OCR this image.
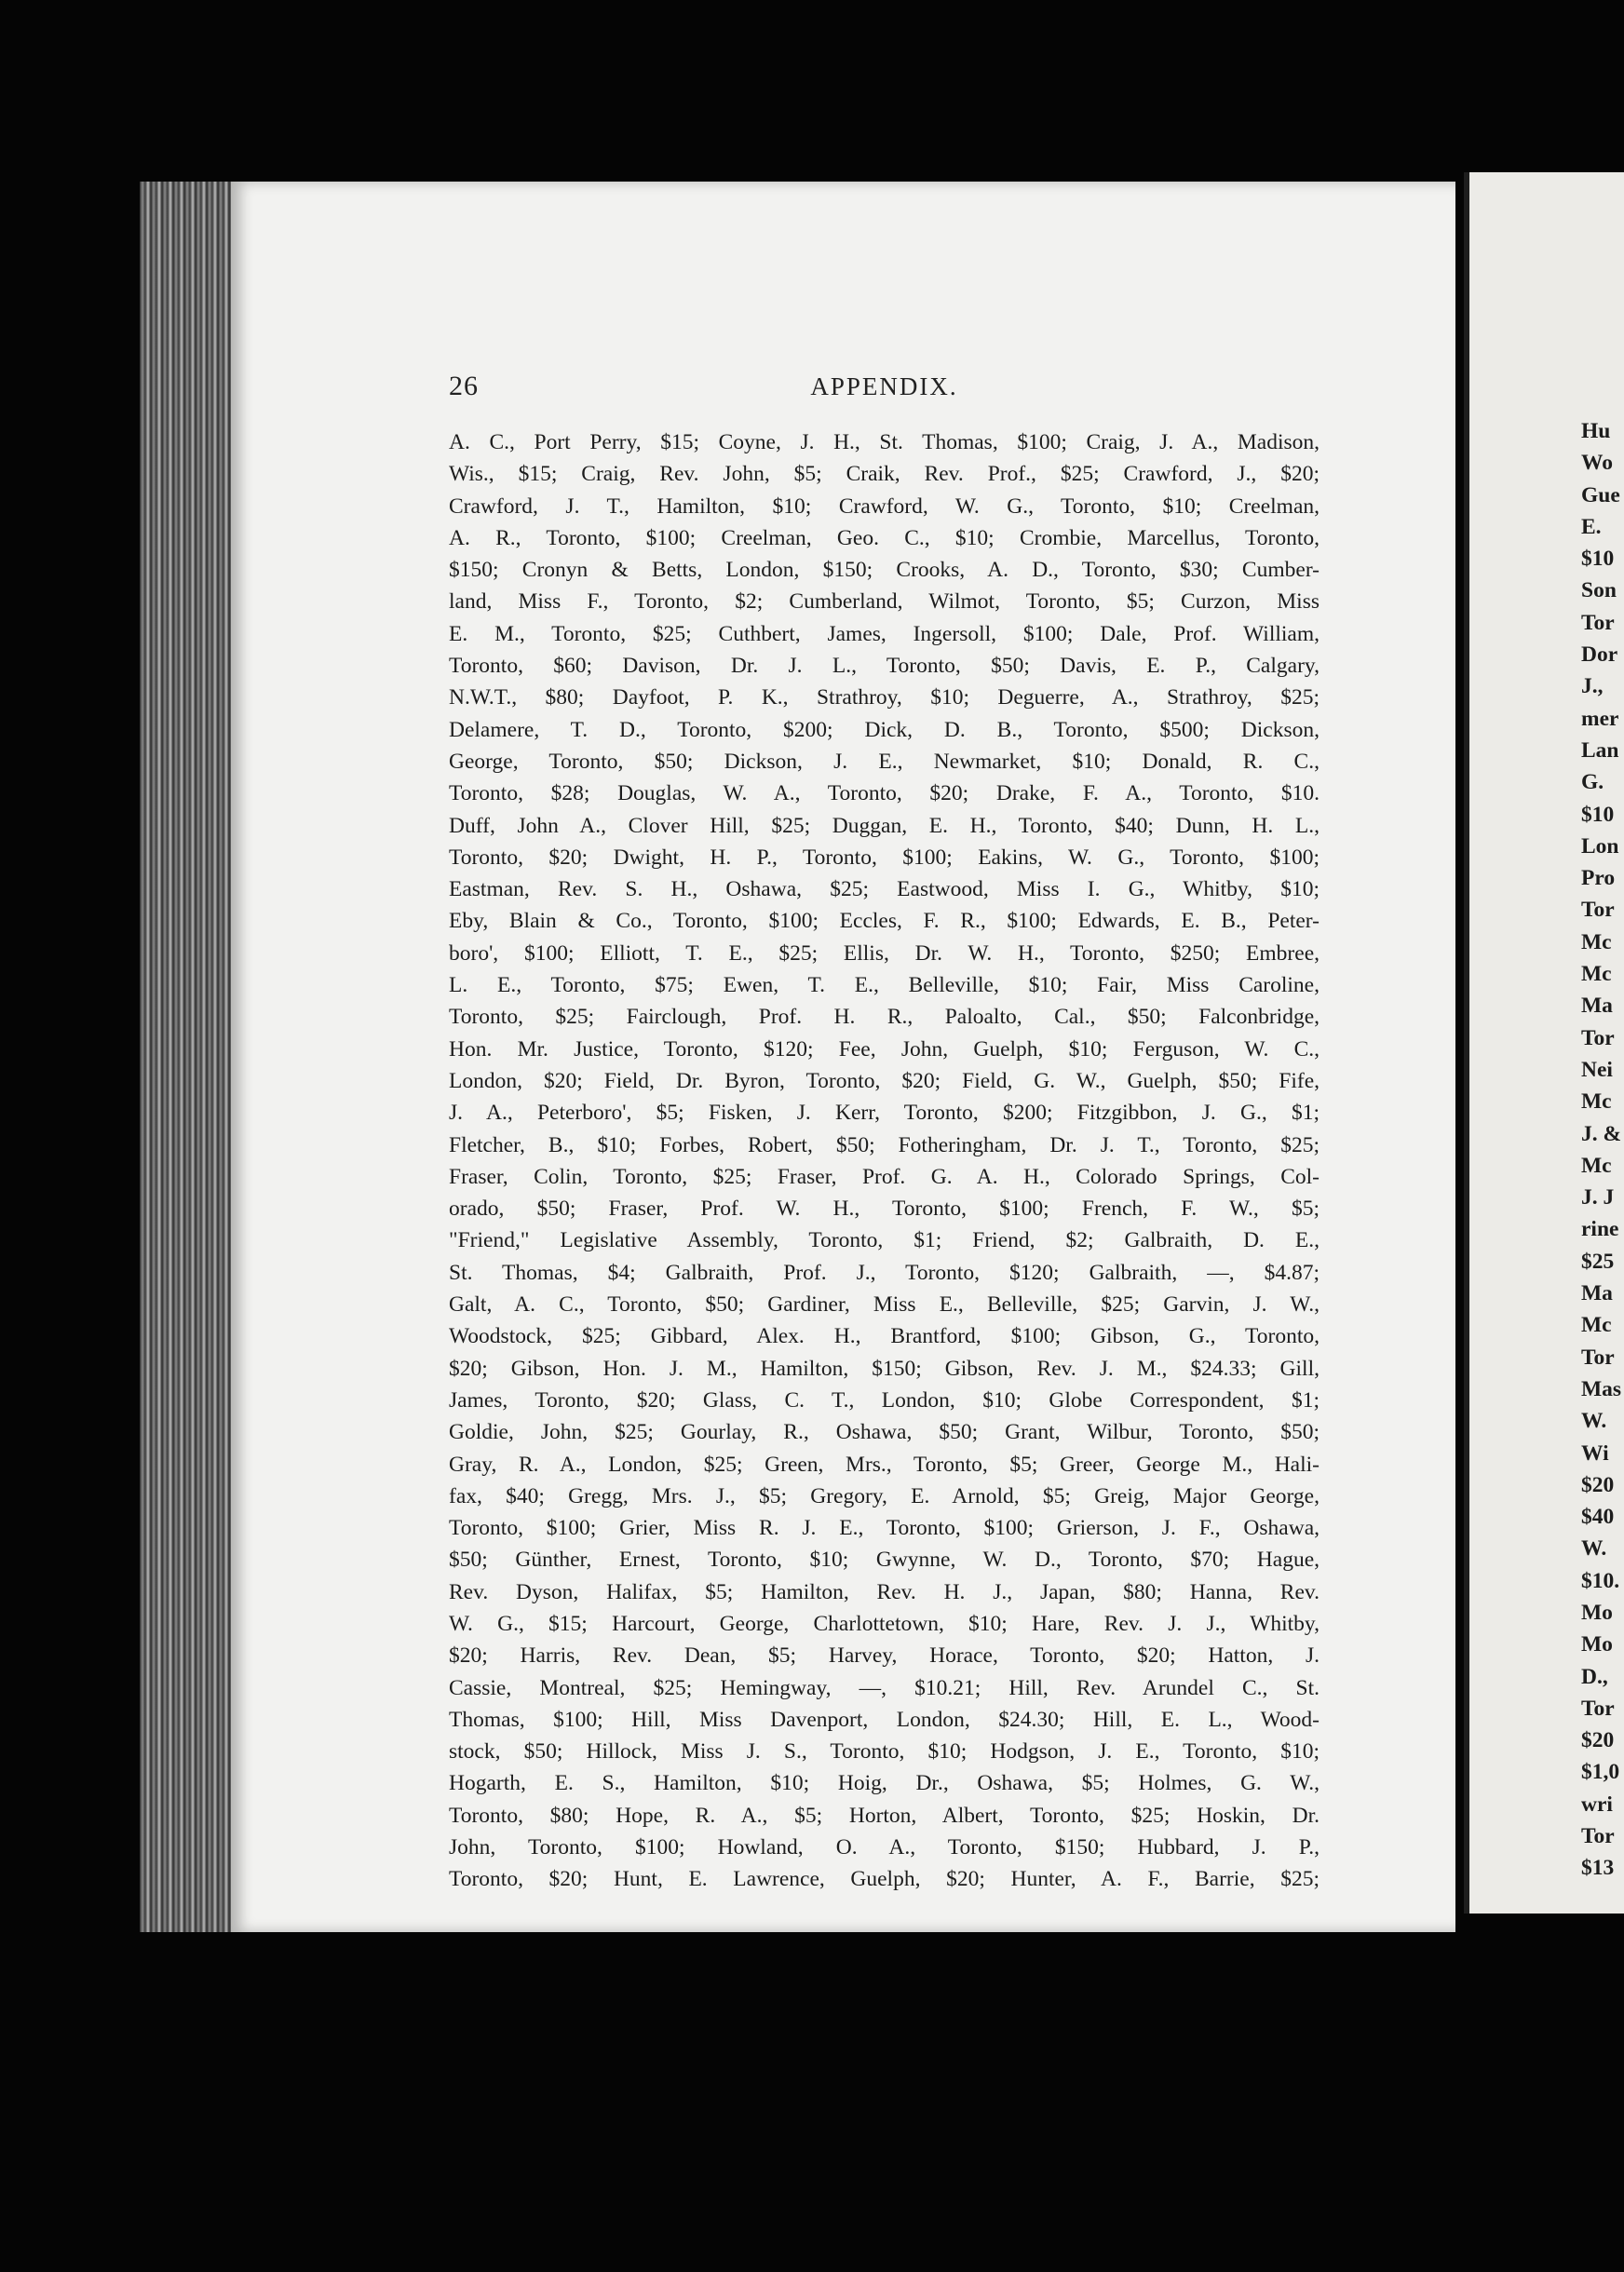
26	APPENDIX.
A. C., Port Perry, $15; Coyne, J. H., St. Thomas, $100; Craig, J. A., Madison,
Wis., $15; Craig, Rev. John, $5; Craik, Rev. Prof., $25; Crawford, J., $20;
Crawford, J. T., Hamilton, $10; Crawford, W. G., Toronto, $10; Creelman,
A. R., Toronto, $100; Creelman, Geo. C., $10; Crombie, Marcellus, Toronto,
$150; Cronyn & Betts, London, $150; Crooks, A. D., Toronto, $30; Cumber-
land, Miss F., Toronto, $2; Cumberland, Wilmot, Toronto, $5; Curzon, Miss
E. M., Toronto, $25; Cuthbert, James, Ingersoll, $100; Dale, Prof. William,
Toronto, $60; Davison, Dr. J. L., Toronto, $50; Davis, E. P., Calgary,
N.W.T., $80; Dayfoot, P. K., Strathroy, $10; Deguerre, A., Strathroy, $25;
Delamere, T. D., Toronto, $200; Dick, D. B., Toronto, $500; Dickson,
George, Toronto, $50; Dickson, J. E., Newmarket, $10; Donald, R. C.,
Toronto, $28; Douglas, W. A., Toronto, $20; Drake, F. A., Toronto, $10.
Duff, John A., Clover Hill, $25; Duggan, E. H., Toronto, $40; Dunn, H. L.,
Toronto, $20; Dwight, H. P., Toronto, $100; Eakins, W. G., Toronto, $100;
Eastman, Rev. S. H., Oshawa, $25; Eastwood, Miss I. G., Whitby, $10;
Eby, Blain & Co., Toronto, $100; Eccles, F. R., $100; Edwards, E. B., Peter-
boro', $100; Elliott, T. E., $25; Ellis, Dr. W. H., Toronto, $250; Embree,
L. E., Toronto, $75; Ewen, T. E., Belleville, $10; Fair, Miss Caroline,
Toronto, $25; Fairclough, Prof. H. R., Paloalto, Cal., $50; Falconbridge,
Hon. Mr. Justice, Toronto, $120; Fee, John, Guelph, $10; Ferguson, W. C.,
London, $20; Field, Dr. Byron, Toronto, $20; Field, G. W., Guelph, $50; Fife,
J. A., Peterboro', $5; Fisken, J. Kerr, Toronto, $200; Fitzgibbon, J. G., $1;
Fletcher, B., $10; Forbes, Robert, $50; Fotheringham, Dr. J. T., Toronto, $25;
Fraser, Colin, Toronto, $25; Fraser, Prof. G. A. H., Colorado Springs, Col-
orado, $50; Fraser, Prof. W. H., Toronto, $100; French, F. W., $5;
"Friend," Legislative Assembly, Toronto, $1; Friend, $2; Galbraith, D. E.,
St. Thomas, $4; Galbraith, Prof. J., Toronto, $120; Galbraith, —, $4.87;
Galt, A. C., Toronto, $50; Gardiner, Miss E., Belleville, $25; Garvin, J. W.,
Woodstock, $25; Gibbard, Alex. H., Brantford, $100; Gibson, G., Toronto,
$20; Gibson, Hon. J. M., Hamilton, $150; Gibson, Rev. J. M., $24.33; Gill,
James, Toronto, $20; Glass, C. T., London, $10; Globe Correspondent, $1;
Goldie, John, $25; Gourlay, R., Oshawa, $50; Grant, Wilbur, Toronto, $50;
Gray, R. A., London, $25; Green, Mrs., Toronto, $5; Greer, George M., Hali-
fax, $40; Gregg, Mrs. J., $5; Gregory, E. Arnold, $5; Greig, Major George,
Toronto, $100; Grier, Miss R. J. E., Toronto, $100; Grierson, J. F., Oshawa,
$50; Günther, Ernest, Toronto, $10; Gwynne, W. D., Toronto, $70; Hague,
Rev. Dyson, Halifax, $5; Hamilton, Rev. H. J., Japan, $80; Hanna, Rev.
W. G., $15; Harcourt, George, Charlottetown, $10; Hare, Rev. J. J., Whitby,
$20; Harris, Rev. Dean, $5; Harvey, Horace, Toronto, $20; Hatton, J.
Cassie, Montreal, $25; Hemingway, —, $10.21; Hill, Rev. Arundel C., St.
Thomas, $100; Hill, Miss Davenport, London, $24.30; Hill, E. L., Wood-
stock, $50; Hillock, Miss J. S., Toronto, $10; Hodgson, J. E., Toronto, $10;
Hogarth, E. S., Hamilton, $10; Hoig, Dr., Oshawa, $5; Holmes, G. W.,
Toronto, $80; Hope, R. A., $5; Horton, Albert, Toronto, $25; Hoskin, Dr.
John, Toronto, $100; Howland, O. A., Toronto, $150; Hubbard, J. P.,
Toronto, $20; Hunt, E. Lawrence, Guelph, $20; Hunter, A. F., Barrie, $25;
Hu
Wo
Gue
E.
$10
Son
Tor
Dor
J.,
mer
Lan
G.
$10
Lon
Pro
Tor
Mc
Mc
Ma
Tor
Nei
Mc
J. &
Mc
J. J
rine
$25
Ma
Mc
Tor
Mas
W.
Wi
$20
$40
W.
$10.
Mo
Mo
D.,
Tor
$20
$1,0
wri
Tor
$13
